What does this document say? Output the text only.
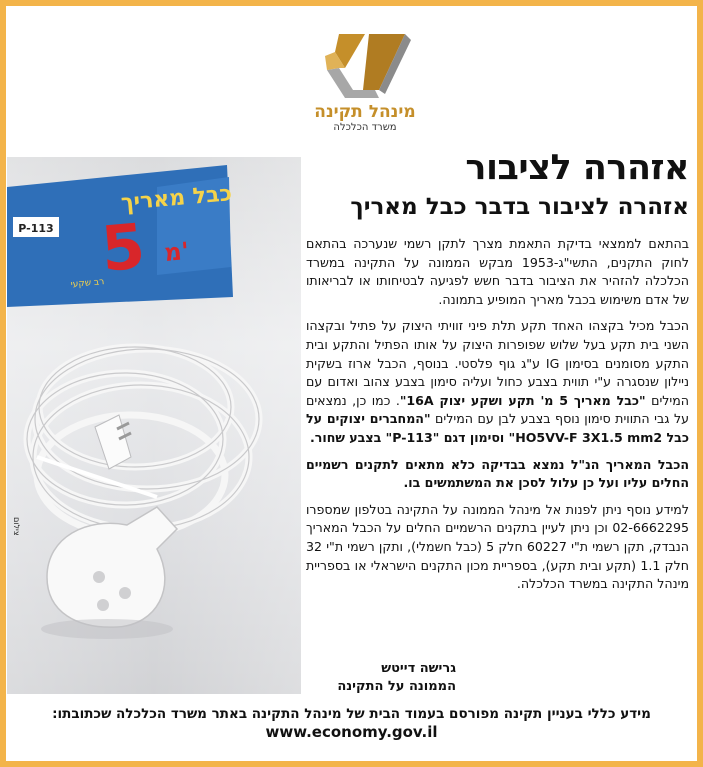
מינהל תקינה
משרד הכלכלה
כבל מאריך
5 מ'
רב שקעי
P-113
צילום
אזהרה לציבור
אזהרה לציבור בדבר כבל מאריך

בהתאם לממצאי בדיקת התאמת מצרך לתקן רשמי שנערכה בהתאם לחוק התקנים, התשי"ג-1953 מבקש הממונה על התקינה במשרד הכלכלה להזהיר את הציבור בדבר חשש לפגיעה לבטיחותו או לבריאותו של אדם משימוש בכבל מאריך המופיע בתמונה.

הכבל מכיל בקצהו האחד תקע תלת פיני זוויתי היצוק על פתיל ובקצהו השני בית תקע בעל שלוש שפופרות היצוק על אותו הפתיל והתקע ובית התקע מסומנים בסימון IG ע"ג גוף פלסטי. בנוסף, הכבל ארוז בשקית ניילון שנסגרה ע"י תווית בצבע כחול ועליה סימון בצבע צהוב ואדום עם המילים "כבל מאריך 5 מ' תקע ושקע יצוק 16A". כמו כן, נמצאים על גבי התווית סימון נוסף בצבע לבן עם המילים "המחברים יצוקים על כבל HO5VV-F 3X1.5 mm2" וסימון דגם "P-113" בצבע שחור.

הכבל המאריך הנ"ל נמצא בבדיקה כלא מתאים לתקנים רשמיים החלים עליו ועל כן עלול לסכן את המשתמשים בו.

למידע נוסף ניתן לפנות אל מינהל הממונה על התקינה בטלפון שמספרו 02-6662295 וכן ניתן לעיין בתקנים הרשמיים החלים על הכבל המאריך הנבדק, תקן רשמי ת"י 60227 חלק 5 (כבל חשמלי), ותקן רשמי ת"י 32 חלק 1.1 (תקע ובית תקע), בספריית מכון התקנים הישראלי או בספריית מינהל התקינה במשרד הכלכלה.

גרישה דייטש
הממונה על התקינה
מידע כללי בעניין תקינה מפורסם בעמוד הבית של מינהל התקינה באתר משרד הכלכלה שכתובתו:
www.economy.gov.il
